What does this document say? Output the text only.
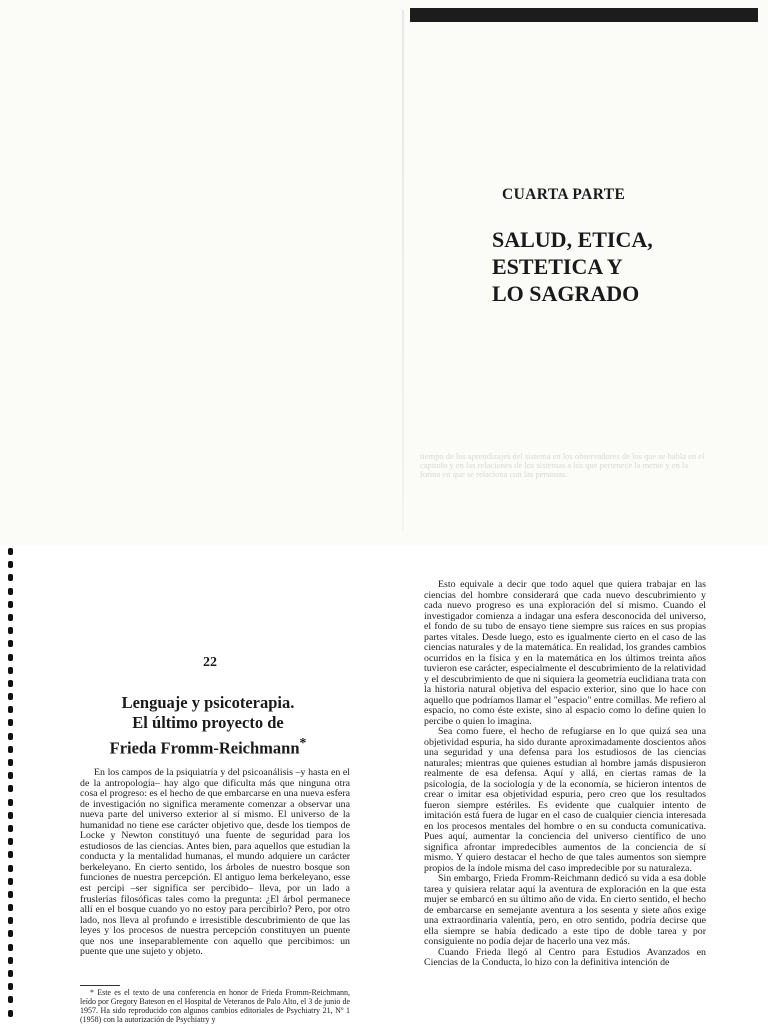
CUARTA PARTE
SALUD, ETICA,
ESTETICA Y
LO SAGRADO
tiempo de los aprendizajes del sistema en los observadores de los que se habla en el capitulo y en las relaciones de los sistemas a los que pertenece la mente y en la forma en que se relaciona con las personas.
22
Lenguaje y psicoterapia.
El último proyecto de
Frieda Fromm-Reichmann*

En los campos de la psiquiatría y del psicoanálisis –y hasta en el de la antropología– hay algo que dificulta más que ninguna otra cosa el progreso: es el hecho de que embarcarse en una nueva esfera de investigación no significa meramente comenzar a observar una nueva parte del universo exterior al sí mismo. El universo de la humanidad no tiene ese carácter objetivo que, desde los tiempos de Locke y Newton constituyó una fuente de seguridad para los estudiosos de las ciencias. Antes bien, para aquellos que estudian la conducta y la mentalidad humanas, el mundo adquiere un carácter berkeleyano. En cierto sentido, los árboles de nuestro bosque son funciones de nuestra percepción. El antiguo lema berkeleyano, esse est percipi –ser significa ser percibido– lleva, por un lado a fruslerías filosóficas tales como la pregunta: ¿El árbol permanece allí en el bosque cuando yo no estoy para percibirlo? Pero, por otro lado, nos lleva al profundo e irresistible descubrimiento de que las leyes y los procesos de nuestra percepción constituyen un puente que nos une inseparablemente con aquello que percibimos: un puente que une sujeto y objeto.

* Este es el texto de una conferencia en honor de Frieda Fromm-Reichmann, leído por Gregory Bateson en el Hospital de Veteranos de Palo Alto, el 3 de junio de 1957. Ha sido reproducido con algunos cambios editoriales de Psychiatry 21, Nº 1 (1958) con la autorización de Psychiatry y

Esto equivale a decir que todo aquel que quiera trabajar en las ciencias del hombre considerará que cada nuevo descubrimiento y cada nuevo progreso es una exploración del sí mismo. Cuando el investigador comienza a indagar una esfera desconocida del universo, el fondo de su tubo de ensayo tiene siempre sus raíces en sus propias partes vitales. Desde luego, esto es igualmente cierto en el caso de las ciencias naturales y de la matemática. En realidad, los grandes cambios ocurridos en la física y en la matemática en los últimos treinta años tuvieron ese carácter, especialmente el descubrimiento de la relatividad y el descubrimiento de que ni siquiera la geometría euclidiana trata con la historia natural objetiva del espacio exterior, sino que lo hace con aquello que podríamos llamar el "espacio" entre comillas. Me refiero al espacio, no como éste existe, sino al espacio como lo define quien lo percibe o quien lo imagina.

Sea como fuere, el hecho de refugiarse en lo que quizá sea una objetividad espuria, ha sido durante aproximadamente doscientos años una seguridad y una defensa para los estudiosos de las ciencias naturales; mientras que quienes estudian al hombre jamás dispusieron realmente de esa defensa. Aquí y allá, en ciertas ramas de la psicología, de la sociología y de la economía, se hicieron intentos de crear o imitar esa objetividad espuria, pero creo que los resultados fueron siempre estériles. Es evidente que cualquier intento de imitación está fuera de lugar en el caso de cualquier ciencia interesada en los procesos mentales del hombre o en su conducta comunicativa. Pues aquí, aumentar la conciencia del universo científico de uno significa afrontar impredecibles aumentos de la conciencia de sí mismo. Y quiero destacar el hecho de que tales aumentos son siempre propios de la índole misma del caso impredecible por su naturaleza.

Sin embargo, Frieda Fromm-Reichmann dedicó su vida a esa doble tarea y quisiera relatar aquí la aventura de exploración en la que esta mujer se embarcó en su último año de vida. En cierto sentido, el hecho de embarcarse en semejante aventura a los sesenta y siete años exige una extraordinaria valentía, pero, en otro sentido, podría decirse que ella siempre se había dedicado a este tipo de doble tarea y por consiguiente no podía dejar de hacerlo una vez más.

Cuando Frieda llegó al Centro para Estudios Avanzados en Ciencias de la Conducta, lo hizo con la definitiva intención de
